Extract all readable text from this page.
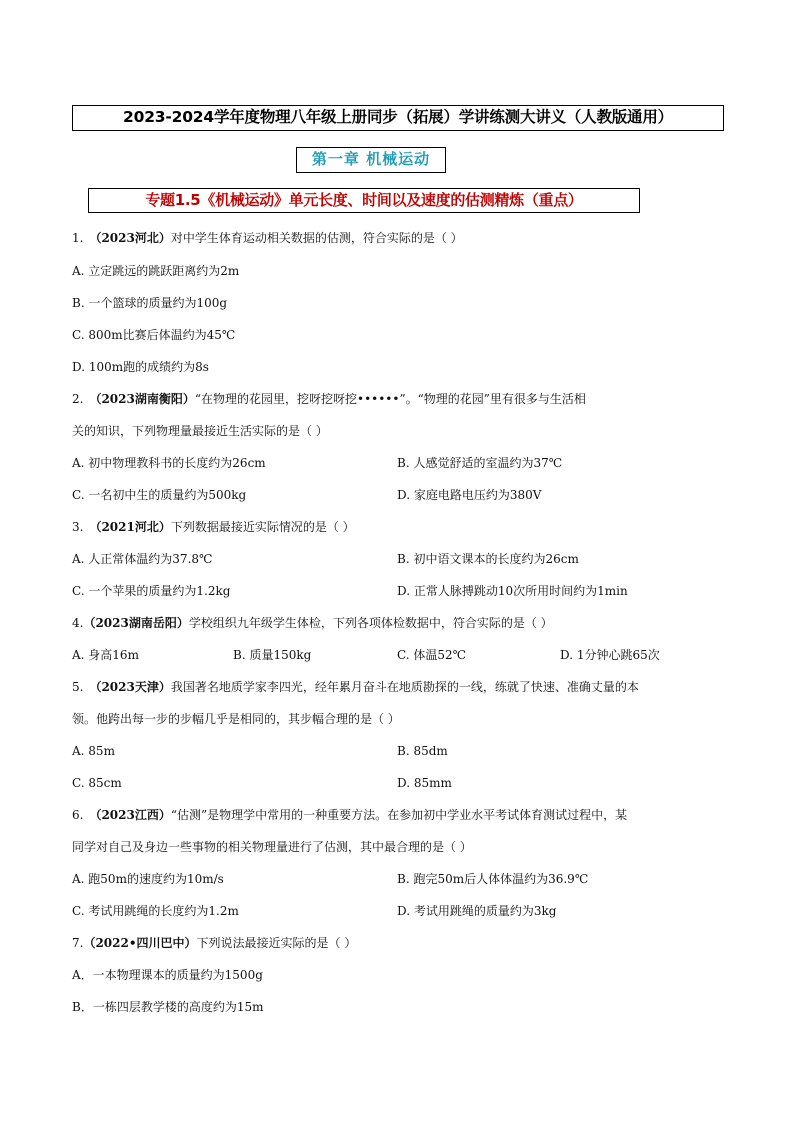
2023-2024学年度物理八年级上册同步（拓展）学讲练测大讲义（人教版通用）
第一章 机械运动
专题1.5《机械运动》单元长度、时间以及速度的估测精炼（重点）
1. （2023河北）对中学生体育运动相关数据的估测，符合实际的是（ ）
A. 立定跳远的跳跃距离约为2m
B. 一个篮球的质量约为100g
C. 800m比赛后体温约为45℃
D. 100m跑的成绩约为8s
2. （2023湖南衡阳）“在物理的花园里，挖呀挖呀挖••••••”。“物理的花园”里有很多与生活相
关的知识，下列物理量最接近生活实际的是（ ）
A. 初中物理教科书的长度约为26cm	B. 人感觉舒适的室温约为37℃
C. 一名初中生的质量约为500kg	D. 家庭电路电压约为380V
3. （2021河北）下列数据最接近实际情况的是（ ）
A. 人正常体温约为37.8℃	B. 初中语文课本的长度约为26cm
C. 一个苹果的质量约为1.2kg	D. 正常人脉搏跳动10次所用时间约为1min
4.（2023湖南岳阳）学校组织九年级学生体检，下列各项体检数据中，符合实际的是（ ）
A. 身高16m	B. 质量150kg	C. 体温52℃	D. 1分钟心跳65次
5. （2023天津）我国著名地质学家李四光，经年累月奋斗在地质勘探的一线，练就了快速、准确丈量的本
领。他跨出每一步的步幅几乎是相同的，其步幅合理的是（ ）
A. 85m	B. 85dm
C. 85cm	D. 85mm
6. （2023江西）“估测”是物理学中常用的一种重要方法。在参加初中学业水平考试体育测试过程中，某
同学对自己及身边一些事物的相关物理量进行了估测，其中最合理的是（ ）
A. 跑50m的速度约为10m/s	B. 跑完50m后人体体温约为36.9℃
C. 考试用跳绳的长度约为1.2m	D. 考试用跳绳的质量约为3kg
7.（2022•四川巴中）下列说法最接近实际的是（ ）
A．一本物理课本的质量约为1500g
B．一栋四层教学楼的高度约为15m
